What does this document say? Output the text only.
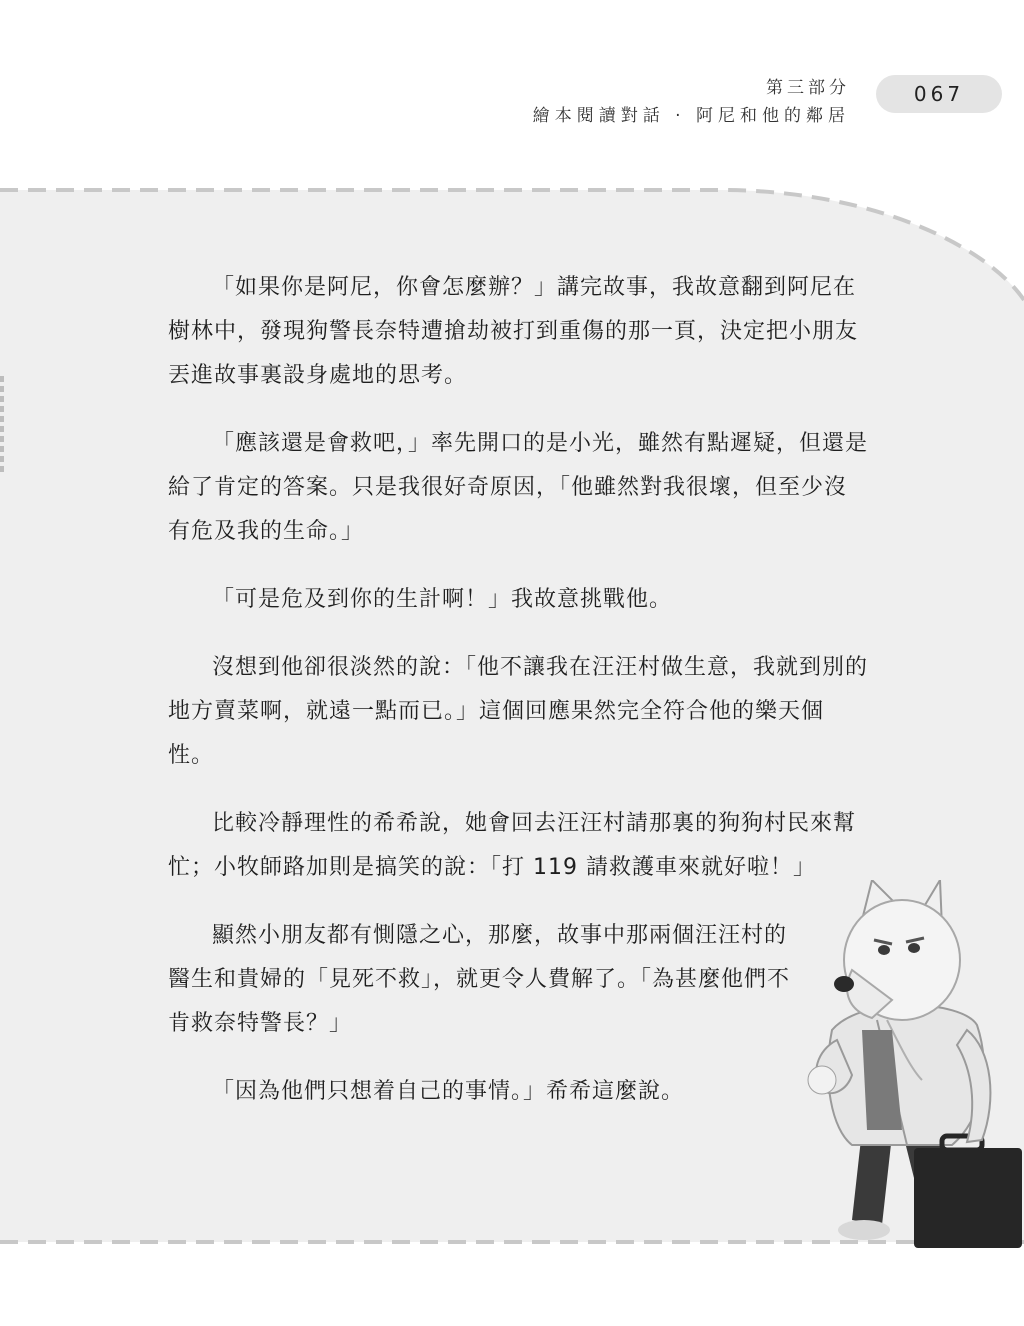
第三部分
繪本閱讀對話 · 阿尼和他的鄰居
067

「如果你是阿尼，你會怎麼辦？」講完故事，我故意翻到阿尼在樹林中，發現狗警長奈特遭搶劫被打到重傷的那一頁，決定把小朋友丟進故事裏設身處地的思考。

「應該還是會救吧，」率先開口的是小光，雖然有點遲疑，但還是給了肯定的答案。只是我很好奇原因，「他雖然對我很壞，但至少沒有危及我的生命。」

「可是危及到你的生計啊！」我故意挑戰他。

沒想到他卻很淡然的說：「他不讓我在汪汪村做生意，我就到別的地方賣菜啊，就遠一點而已。」這個回應果然完全符合他的樂天個性。

比較冷靜理性的希希說，她會回去汪汪村請那裏的狗狗村民來幫忙；小牧師路加則是搞笑的說：「打 119 請救護車來就好啦！」

顯然小朋友都有惻隱之心，那麼，故事中那兩個汪汪村的醫生和貴婦的「見死不救」，就更令人費解了。「為甚麼他們不肯救奈特警長？」

「因為他們只想着自己的事情。」希希這麼說。
